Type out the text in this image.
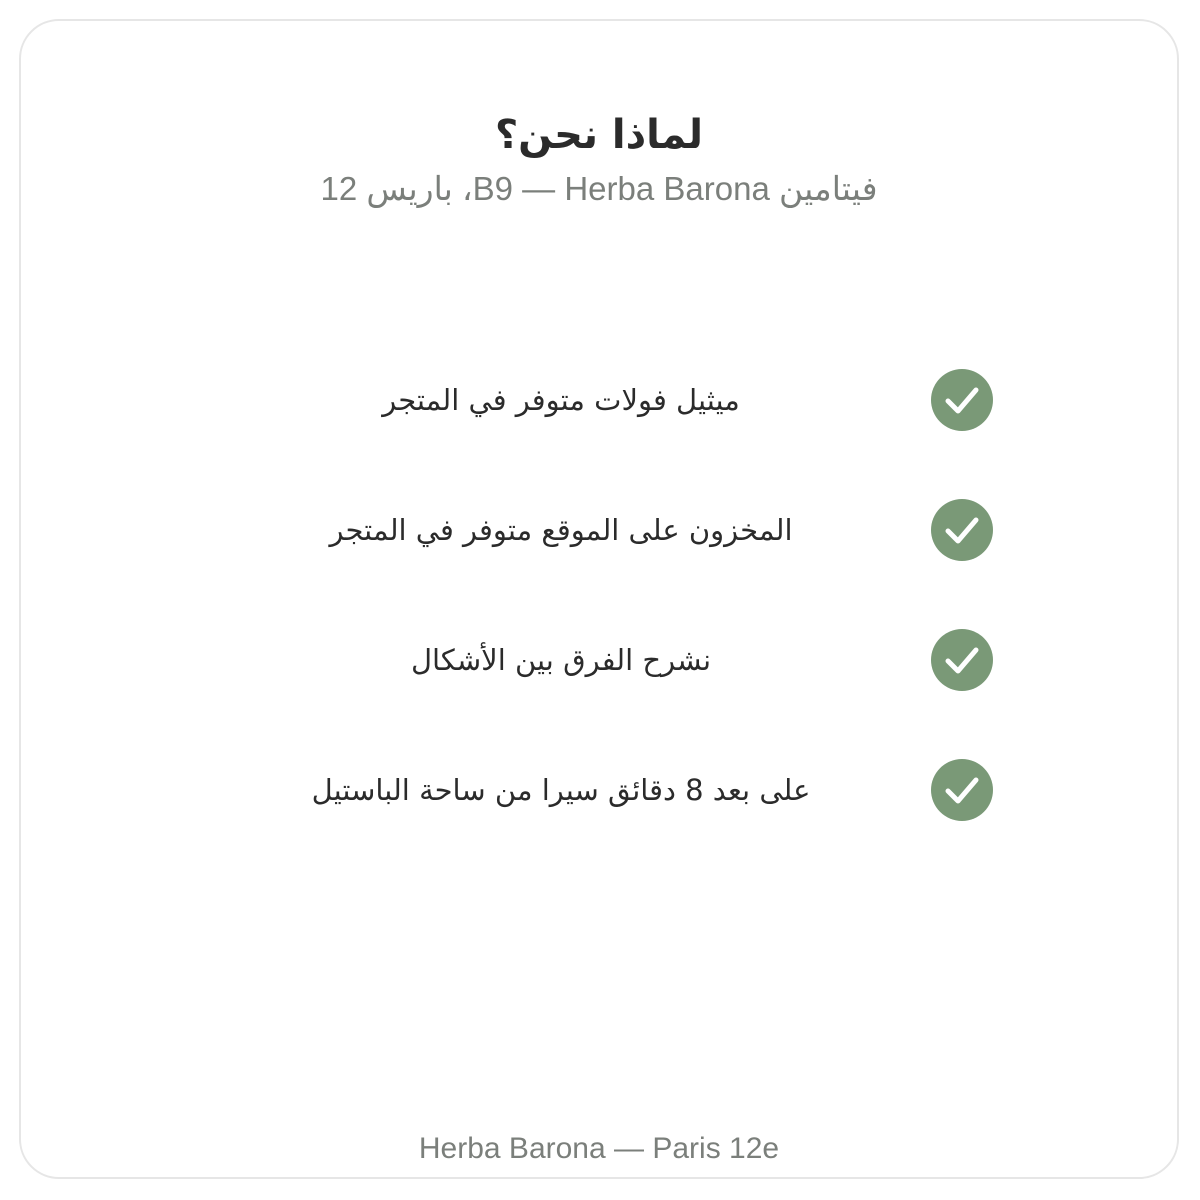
لماذا نحن؟
فيتامين B9 — Herba Barona، باريس 12
ميثيل فولات متوفر في المتجر
المخزون على الموقع متوفر في المتجر
نشرح الفرق بين الأشكال
على بعد 8 دقائق سيرا من ساحة الباستيل
Herba Barona — Paris 12e
